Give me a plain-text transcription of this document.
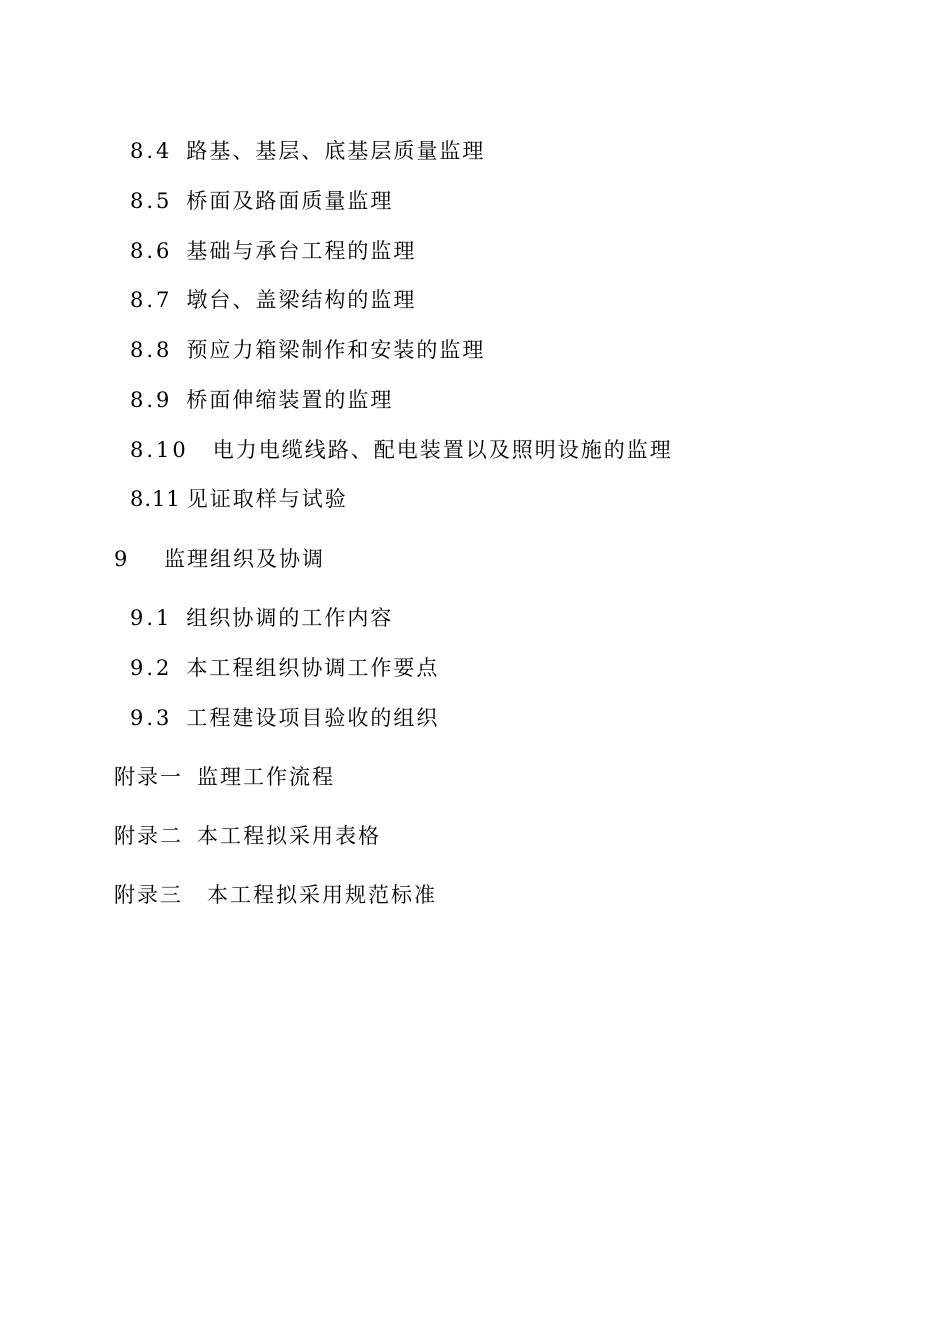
8.4 路基、基层、底基层质量监理
8.5 桥面及路面质量监理
8.6 基础与承台工程的监理
8.7 墩台、盖梁结构的监理
8.8 预应力箱梁制作和安装的监理
8.9 桥面伸缩装置的监理
8.10 电力电缆线路、配电装置以及照明设施的监理
8.11 见证取样与试验
9 监理组织及协调
9.1 组织协调的工作内容
9.2 本工程组织协调工作要点
9.3 工程建设项目验收的组织
附录一 监理工作流程
附录二 本工程拟采用表格
附录三 本工程拟采用规范标准
